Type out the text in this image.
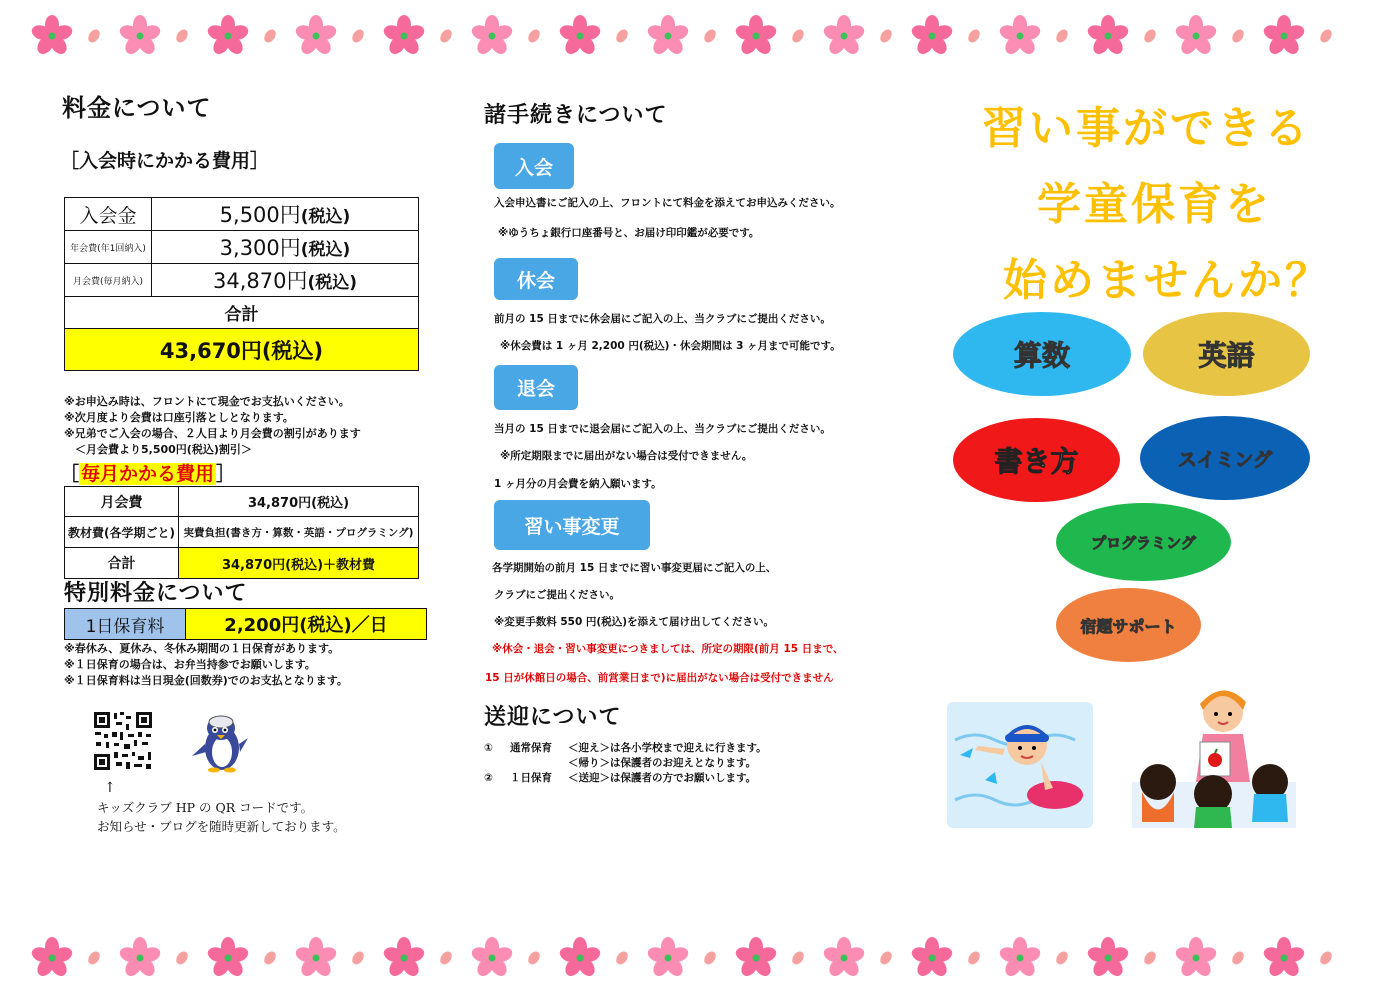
料金について
［入会時にかかる費用］
入会金	5,500円(税込)
年会費(年1回納入)	3,300円(税込)
月会費(毎月納入)	34,870円(税込)
合計	
43,670円(税込)	
※お申込み時は、フロントにて現金でお支払いください。
※次月度より会費は口座引落としとなります。
※兄弟でご入会の場合、２人目より月会費の割引があります
　＜月会費より5,500円(税込)割引＞
［ 毎月かかる費用 ］
月会費	34,870円(税込)
教材費(各学期ごと)	実費負担(書き方・算数・英語・プログラミング)
合計	34,870円(税込)＋教材費
特別料金について
1日保育料	2,200円(税込)／日
※春休み、夏休み、冬休み期間の１日保育があります。
※１日保育の場合は、お弁当持参でお願いします。
※１日保育料は当日現金(回数券)でのお支払となります。
↑
キッズクラブ HP の QR コードです。
お知らせ・ブログを随時更新しております。
諸手続きについて
入会
入会申込書にご記入の上、フロントにて料金を添えてお申込みください。
※ゆうちょ銀行口座番号と、お届け印印鑑が必要です。
休会
前月の 15 日までに休会届にご記入の上、当クラブにご提出ください。
※休会費は 1 ヶ月 2,200 円(税込)・休会期間は 3 ヶ月まで可能です。
退会
当月の 15 日までに退会届にご記入の上、当クラブにご提出ください。
※所定期限までに届出がない場合は受付できません。
1 ヶ月分の月会費を納入願います。
習い事変更
各学期開始の前月 15 日までに習い事変更届にご記入の上、
クラブにご提出ください。
※変更手数料 550 円(税込)を添えて届け出してください。
※休会・退会・習い事変更につきましては、所定の期限(前月 15 日まで、
15 日が休館日の場合、前営業日まで)に届出がない場合は受付できません
送迎について
①	通常保育	＜迎え＞は各小学校まで迎えに行きます。
＜帰り＞は保護者のお迎えとなります。
②	１日保育	＜送迎＞は保護者の方でお願いします。
習い事ができる
学童保育を
始めませんか？
算数	英語
書き方	スイミング
プログラミング
宿題サポート
